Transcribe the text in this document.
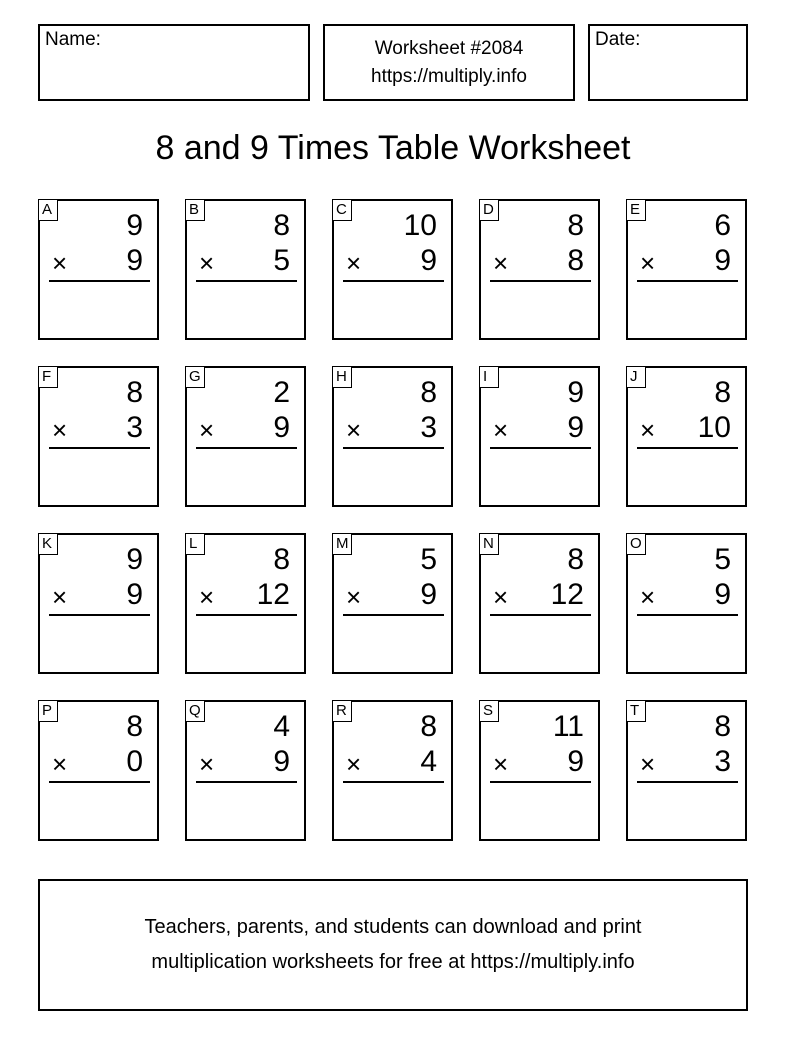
Name:	Worksheet #2084
https://multiply.info
Date:
8 and 9 Times Table Worksheet
A 9
× 9
B 8
× 5
C 10
× 9
D 8
× 8
E 6
× 9
F	8
× 3
G 2
× 9
H 8
× 3
I	9
× 9
J	8
× 10
K 9
× 9
L	8
× 12
M 5
× 9
N 8
× 12
O 5
× 9
P 8
× 0
Q 4
× 9
R 8
× 4
S 11
× 9
T	8
× 3
Teachers, parents, and students can download and print
multiplication worksheets for free at https://multiply.info
